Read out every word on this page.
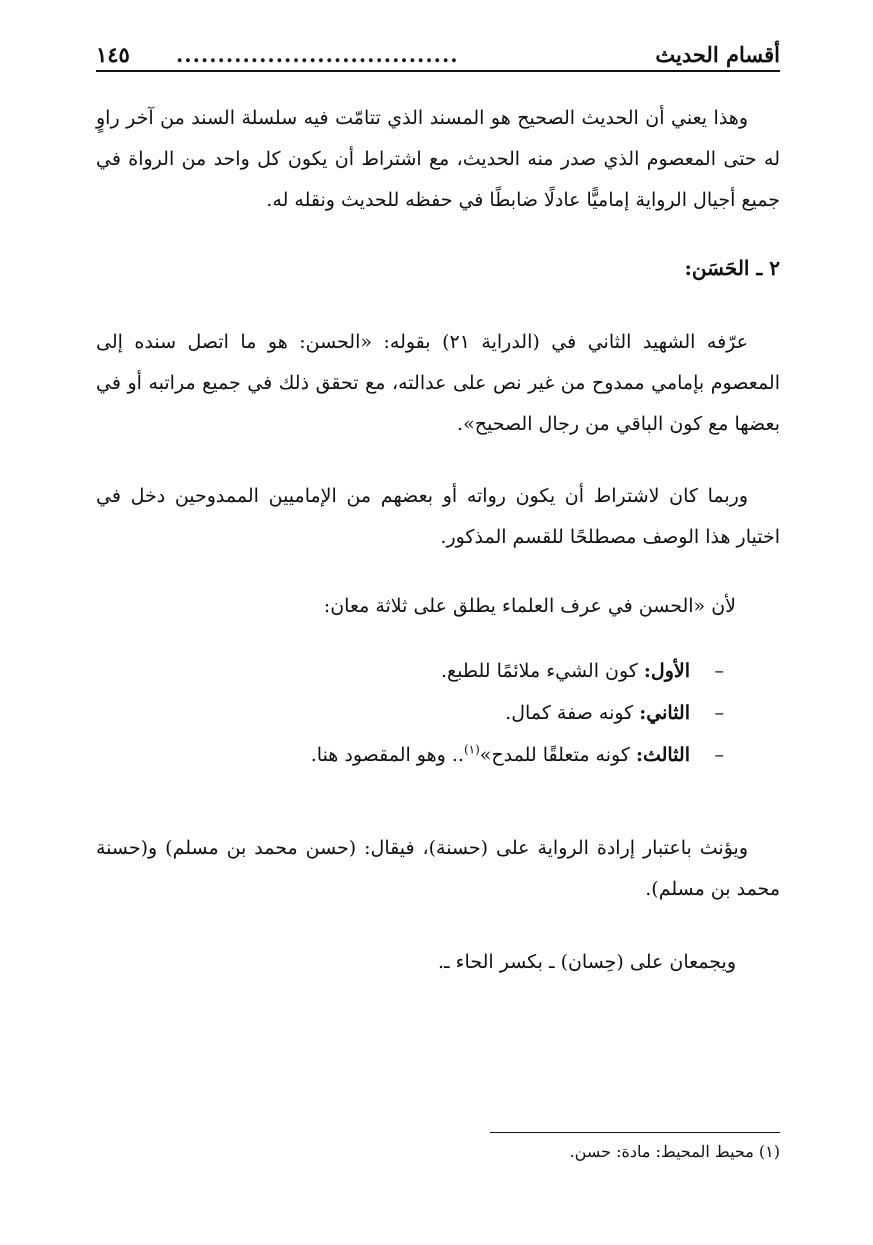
أقسام الحديث
..................................
١٤٥

وهذا يعني أن الحديث الصحيح هو المسند الذي تتامّت فيه سلسلة السند من آخر راوٍ له حتى المعصوم الذي صدر منه الحديث، مع اشتراط أن يكون كل واحد من الرواة في جميع أجيال الرواية إماميًّا عادلًا ضابطًا في حفظه للحديث ونقله له.

٢ ـ الحَسَن:

عرّفه الشهيد الثاني في (الدراية ٢١) بقوله: «الحسن: هو ما اتصل سنده إلى المعصوم بإمامي ممدوح من غير نص على عدالته، مع تحقق ذلك في جميع مراتبه أو في بعضها مع كون الباقي من رجال الصحيح».

وربما كان لاشتراط أن يكون رواته أو بعضهم من الإماميين الممدوحين دخل في اختيار هذا الوصف مصطلحًا للقسم المذكور.

لأن «الحسن في عرف العلماء يطلق على ثلاثة معان:

–
الأول: كون الشيء ملائمًا للطبع.
–
الثاني: كونه صفة كمال.
–
الثالث: كونه متعلقًا للمدح»$^{(١)}$.. وهو المقصود هنا.

ويؤنث باعتبار إرادة الرواية على (حسنة)، فيقال: (حسن محمد بن مسلم) و(حسنة محمد بن مسلم).

ويجمعان على (حِسان) ـ بكسر الحاء ـ.

(١) محيط المحيط: مادة: حسن.
